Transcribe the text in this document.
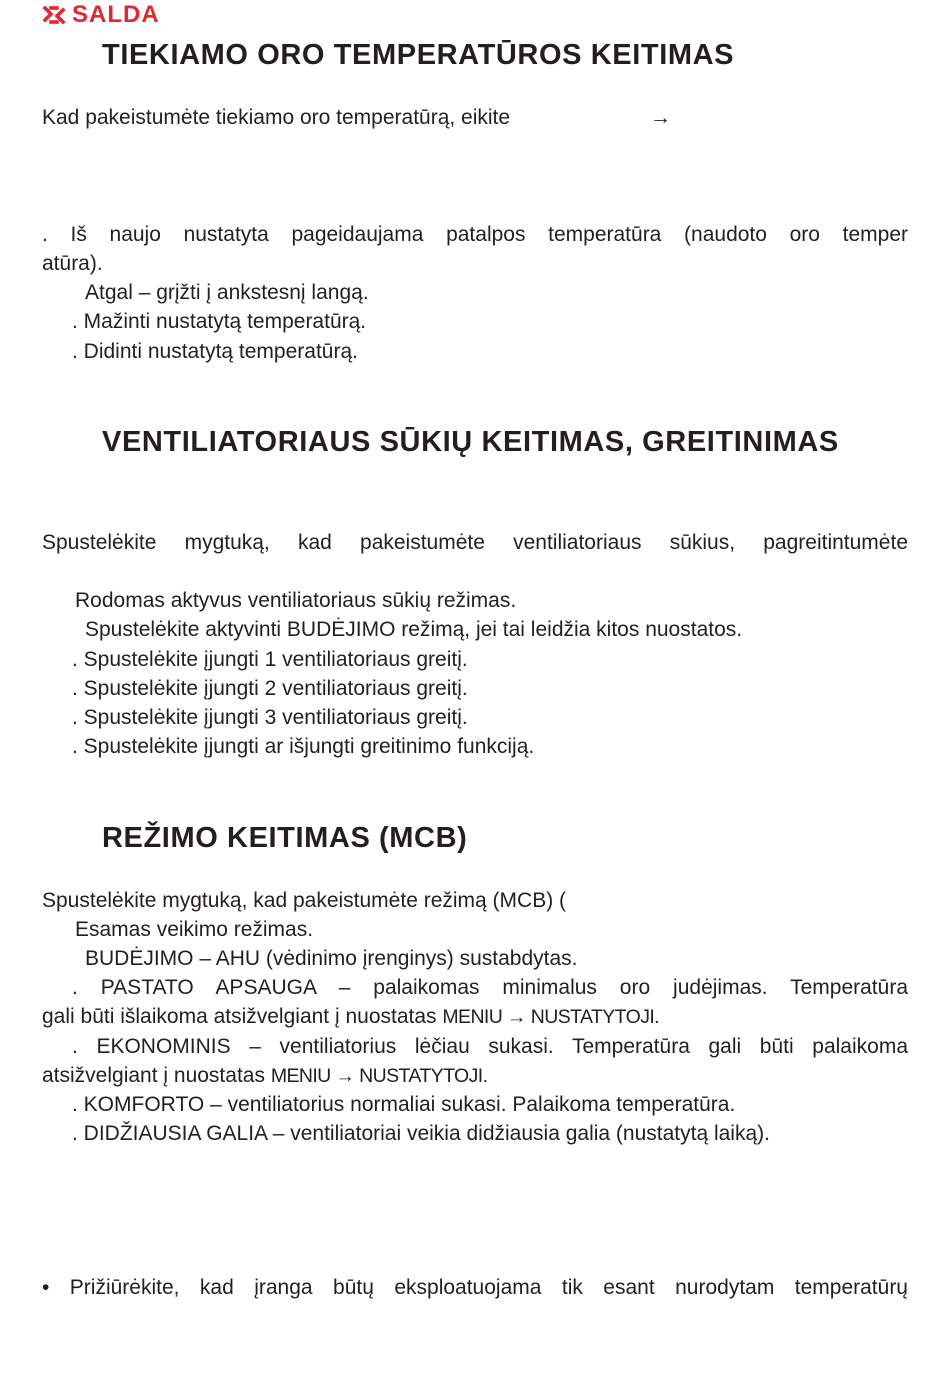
SALDA
TIEKIAMO ORO TEMPERATŪROS KEITIMAS
Kad pakeistumėte tiekiamo oro temperatūrą, eikite	→
. Iš naujo nustatyta pageidaujama patalpos temperatūra (naudoto oro temper
atūra).
Atgal – grįžti į ankstesnį langą.
. Mažinti nustatytą temperatūrą.
. Didinti nustatytą temperatūrą.
VENTILIATORIAUS SŪKIŲ KEITIMAS, GREITINIMAS
Spustelėkite mygtuką, kad pakeistumėte ventiliatoriaus sūkius, pagreitintumėte
Rodomas aktyvus ventiliatoriaus sūkių režimas.
Spustelėkite aktyvinti BUDĖJIMO režimą, jei tai leidžia kitos nuostatos.
. Spustelėkite įjungti 1 ventiliatoriaus greitį.
. Spustelėkite įjungti 2 ventiliatoriaus greitį.
. Spustelėkite įjungti 3 ventiliatoriaus greitį.
. Spustelėkite įjungti ar išjungti greitinimo funkciją.
REŽIMO KEITIMAS (MCB)
Spustelėkite mygtuką, kad pakeistumėte režimą (MCB) (
Esamas veikimo režimas.
BUDĖJIMO – AHU (vėdinimo įrenginys) sustabdytas.
. PASTATO APSAUGA – palaikomas minimalus oro judėjimas. Temperatūra
gali būti išlaikoma atsižvelgiant į nuostatas MENIU → NUSTATYTOJI.
. EKONOMINIS – ventiliatorius lėčiau sukasi. Temperatūra gali būti palaikoma
atsižvelgiant į nuostatas MENIU → NUSTATYTOJI.
. KOMFORTO – ventiliatorius normaliai sukasi. Palaikoma temperatūra.
. DIDŽIAUSIA GALIA – ventiliatoriai veikia didžiausia galia (nustatytą laiką).
• Prižiūrėkite, kad įranga būtų eksploatuojama tik esant nurodytam temperatūrų
